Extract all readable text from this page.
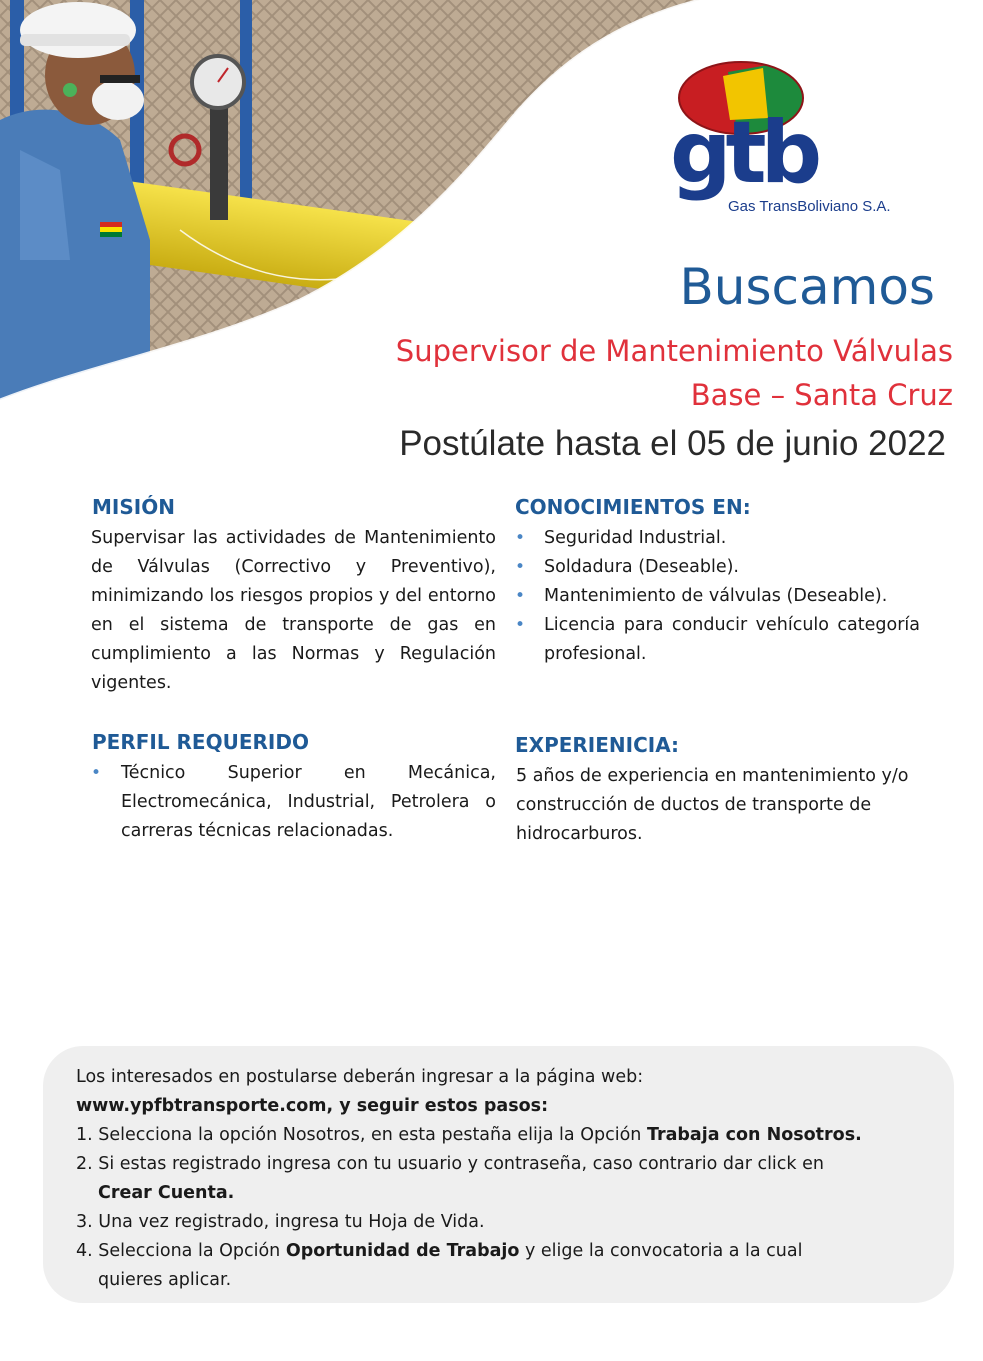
gtb
Gas TransBoliviano S.A.
Buscamos
Supervisor de Mantenimiento Válvulas
Base – Santa Cruz
Postúlate hasta el 05 de junio 2022
MISIÓN
Supervisar las actividades de Mantenimiento de Válvulas (Correctivo y Preventivo), minimizando los riesgos propios y del entorno en el sistema de transporte de gas en cumplimiento a las Normas y Regulación vigentes.
PERFIL REQUERIDO
• Técnico Superior en Mecánica, Electromecánica, Industrial, Petrolera o carreras técnicas relacionadas.
CONOCIMIENTOS EN:
• Seguridad Industrial.
• Soldadura (Deseable).
• Mantenimiento de válvulas (Deseable).
• Licencia para conducir vehículo categoría profesional.
EXPERIENICIA:
5 años de experiencia en mantenimiento y/o construcción de ductos de transporte de hidrocarburos.
Los interesados en postularse deberán ingresar a la página web:
www.ypfbtransporte.com, y seguir estos pasos:
1. Selecciona la opción Nosotros, en esta pestaña elija la Opción Trabaja con Nosotros.
2. Si estas registrado ingresa con tu usuario y contraseña, caso contrario dar click en
Crear Cuenta.
3. Una vez registrado, ingresa tu Hoja de Vida.
4. Selecciona la Opción Oportunidad de Trabajo y elige la convocatoria a la cual
quieres aplicar.
